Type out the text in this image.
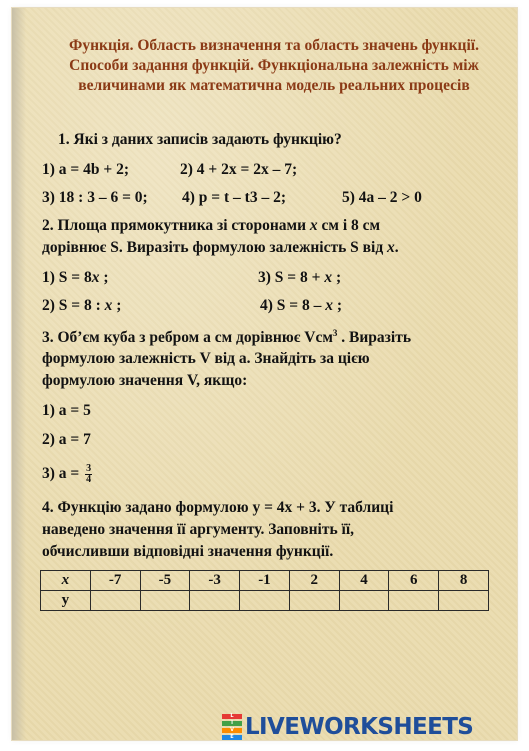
Функція. Область визначення та область значень функції. Способи задання функцій. Функціональна залежність між величинами як математична модель реальних процесів
1. Які з даних записів задають функцію?
1) a = 4b + 2;	2) 4 + 2x = 2x – 7;
3) 18 : 3 – 6 = 0; 4) p = t – t3 – 2;	5) 4a – 2 > 0
2. Площа прямокутника зі сторонами x см і 8 см
дорівнює S. Виразіть формулою залежність S від x.
1) S = 8x ;	3) S = 8 + x ;
2) S = 8 : x ;	4) S = 8 – x ;
3. Об’єм куба з ребром a см дорівнює Vсм$^3$ . Виразіть
формулою залежність V від a. Знайдіть за цією
формулою значення V, якщо:
1) a = 5
2) a = 7
3) $a = \frac{3}{4}$
4. Функцію задано формулою y = 4x + 3. У таблиці
наведено значення її аргументу. Заповніть її,
обчисливши відповідні значення функції.
x	-7	-5	-3	-1	2	4	6	8
у								
L
I
V
E LIVEWORKSHEETS
